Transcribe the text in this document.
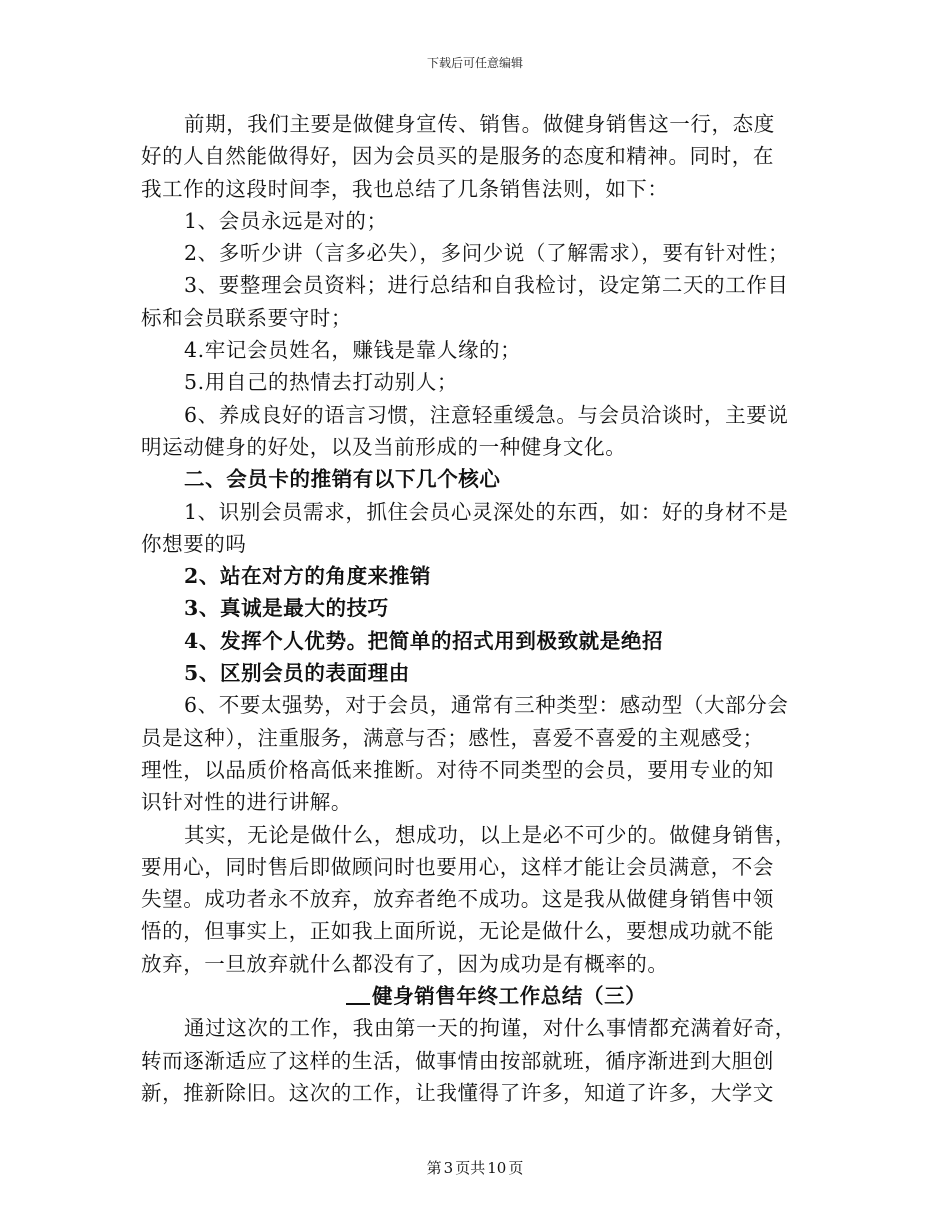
下载后可任意编辑

前期，我们主要是做健身宣传、销售。做健身销售这一行，态度

好的人自然能做得好，因为会员买的是服务的态度和精神。同时，在

我工作的这段时间李，我也总结了几条销售法则，如下：

1、会员永远是对的；

2、多听少讲（言多必失），多问少说（了解需求），要有针对性；

3、要整理会员资料；进行总结和自我检讨，设定第二天的工作目

标和会员联系要守时；

4.牢记会员姓名，赚钱是靠人缘的；

5.用自己的热情去打动别人；

6、养成良好的语言习惯，注意轻重缓急。与会员洽谈时，主要说

明运动健身的好处，以及当前形成的一种健身文化。

二、会员卡的推销有以下几个核心

1、识别会员需求，抓住会员心灵深处的东西，如：好的身材不是

你想要的吗

2、站在对方的角度来推销

3、真诚是最大的技巧

4、发挥个人优势。把简单的招式用到极致就是绝招

5、区别会员的表面理由

6、不要太强势，对于会员，通常有三种类型：感动型（大部分会

员是这种），注重服务，满意与否；感性，喜爱不喜爱的主观感受；

理性，以品质价格高低来推断。对待不同类型的会员，要用专业的知

识针对性的进行讲解。

其实，无论是做什么，想成功，以上是必不可少的。做健身销售，

要用心，同时售后即做顾问时也要用心，这样才能让会员满意，不会

失望。成功者永不放弃，放弃者绝不成功。这是我从做健身销售中领

悟的，但事实上，正如我上面所说，无论是做什么，要想成功就不能

放弃，一旦放弃就什么都没有了，因为成功是有概率的。

健身销售年终工作总结（三）

通过这次的工作，我由第一天的拘谨，对什么事情都充满着好奇，

转而逐渐适应了这样的生活，做事情由按部就班，循序渐进到大胆创

新，推新除旧。这次的工作，让我懂得了许多，知道了许多，大学文

第 3 页共 10 页
